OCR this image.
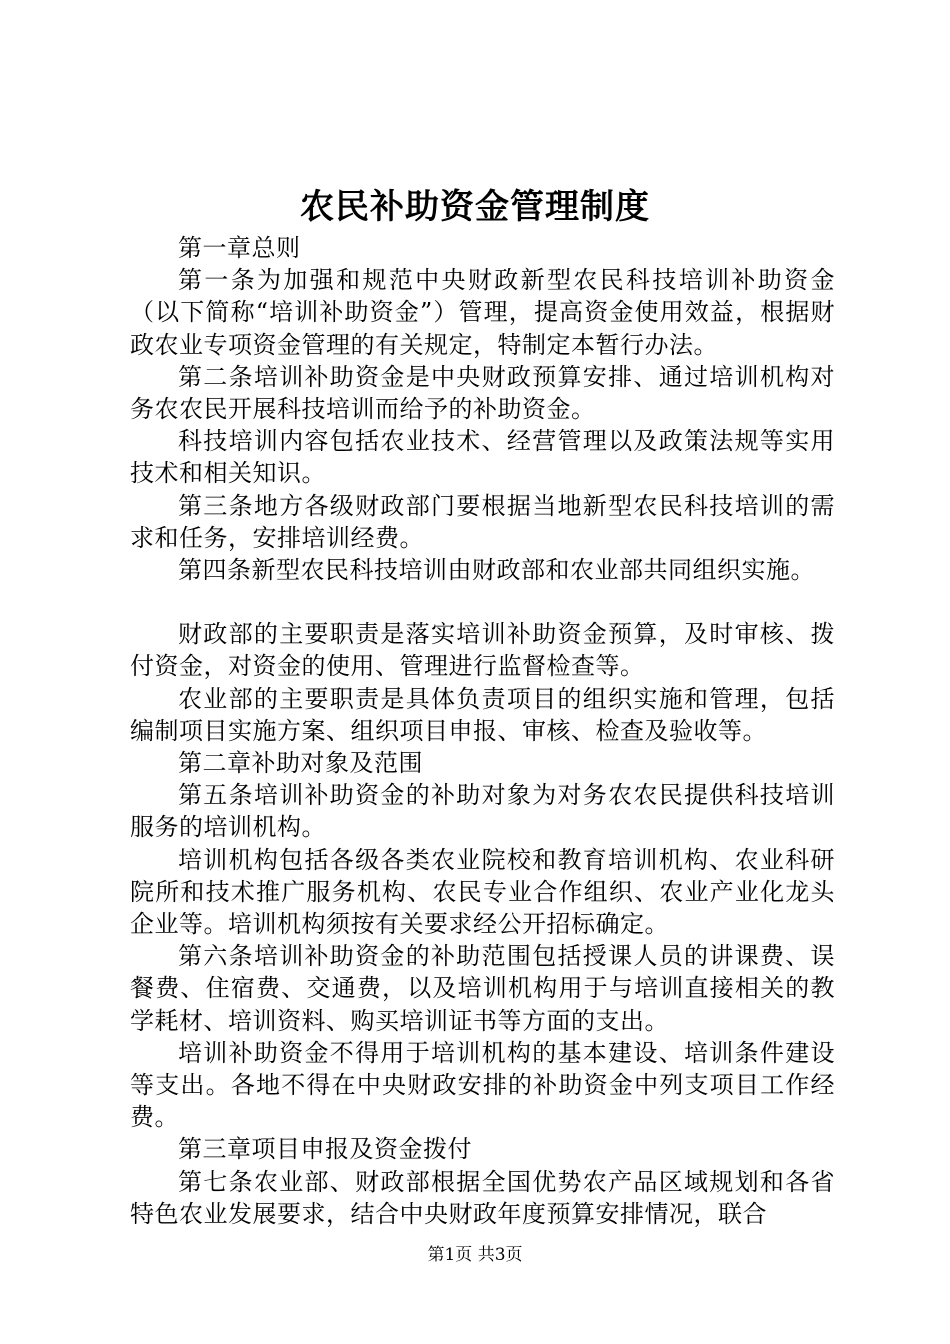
农民补助资金管理制度

第一章总则

第一条为加强和规范中央财政新型农民科技培训补助资金（以下简称“培训补助资金”）管理，提高资金使用效益，根据财政农业专项资金管理的有关规定，特制定本暂行办法。

第二条培训补助资金是中央财政预算安排、通过培训机构对务农农民开展科技培训而给予的补助资金。

科技培训内容包括农业技术、经营管理以及政策法规等实用技术和相关知识。

第三条地方各级财政部门要根据当地新型农民科技培训的需求和任务，安排培训经费。

第四条新型农民科技培训由财政部和农业部共同组织实施。

财政部的主要职责是落实培训补助资金预算，及时审核、拨付资金，对资金的使用、管理进行监督检查等。

农业部的主要职责是具体负责项目的组织实施和管理，包括编制项目实施方案、组织项目申报、审核、检查及验收等。

第二章补助对象及范围

第五条培训补助资金的补助对象为对务农农民提供科技培训服务的培训机构。

培训机构包括各级各类农业院校和教育培训机构、农业科研院所和技术推广服务机构、农民专业合作组织、农业产业化龙头企业等。培训机构须按有关要求经公开招标确定。

第六条培训补助资金的补助范围包括授课人员的讲课费、误餐费、住宿费、交通费，以及培训机构用于与培训直接相关的教学耗材、培训资料、购买培训证书等方面的支出。

培训补助资金不得用于培训机构的基本建设、培训条件建设等支出。各地不得在中央财政安排的补助资金中列支项目工作经费。

第三章项目申报及资金拨付

第七条农业部、财政部根据全国优势农产品区域规划和各省特色农业发展要求，结合中央财政年度预算安排情况，联合

第1页 共3页
